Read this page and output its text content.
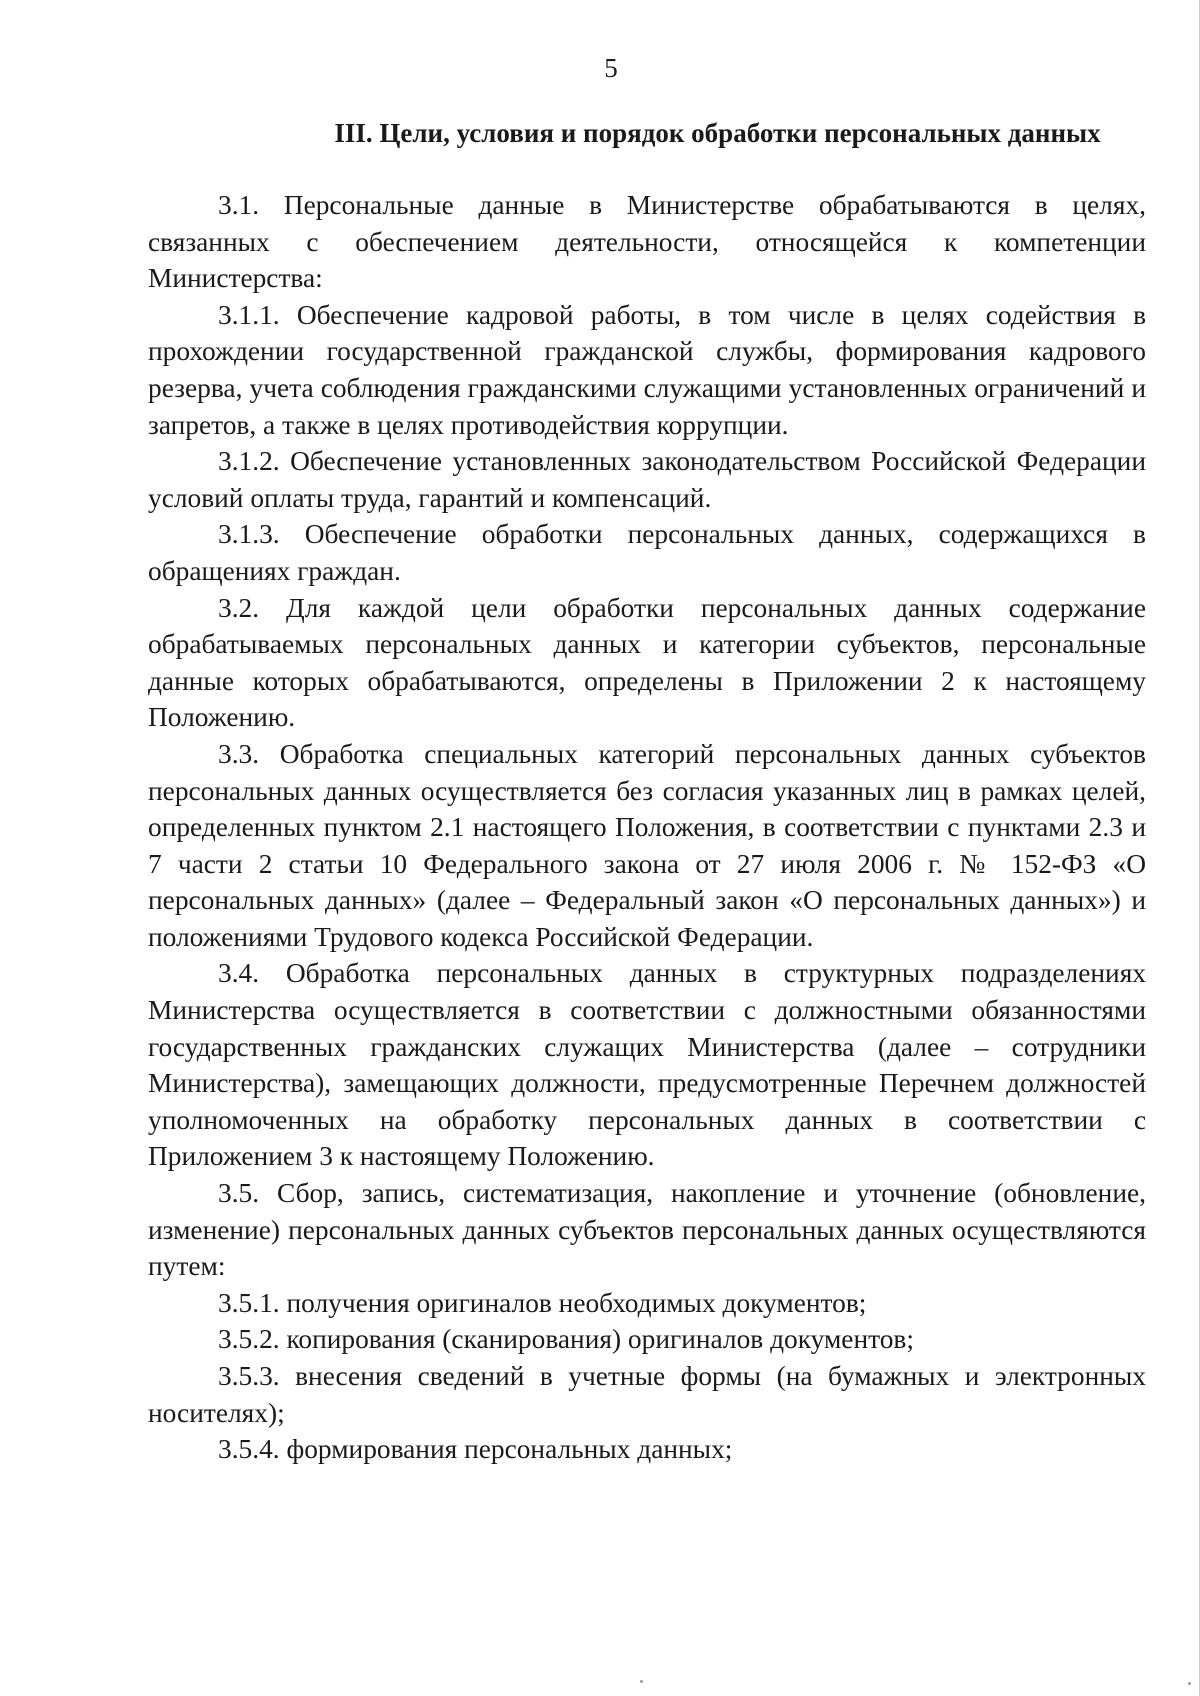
5
III. Цели, условия и порядок обработки персональных данных

3.1. Персональные данные в Министерстве обрабатываются в целях, связанных с обеспечением деятельности, относящейся к компетенции Министерства:

3.1.1. Обеспечение кадровой работы, в том числе в целях содействия в прохождении государственной гражданской службы, формирования кадрового резерва, учета соблюдения гражданскими служащими установленных ограничений и запретов, а также в целях противодействия коррупции.

3.1.2. Обеспечение установленных законодательством Российской Федерации условий оплаты труда, гарантий и компенсаций.

3.1.3. Обеспечение обработки персональных данных, содержащихся в обращениях граждан.

3.2. Для каждой цели обработки персональных данных содержание обрабатываемых персональных данных и категории субъектов, персональные данные которых обрабатываются, определены в Приложении 2 к настоящему Положению.

3.3. Обработка специальных категорий персональных данных субъектов персональных данных осуществляется без согласия указанных лиц в рамках целей, определенных пунктом 2.1 настоящего Положения, в соответствии с пунктами 2.3 и 7 части 2 статьи 10 Федерального закона от 27 июля 2006 г. № 152-ФЗ «О персональных данных» (далее – Федеральный закон «О персональных данных») и положениями Трудового кодекса Российской Федерации.

3.4. Обработка персональных данных в структурных подразделениях Министерства осуществляется в соответствии с должностными обязанностями государственных гражданских служащих Министерства (далее – сотрудники Министерства), замещающих должности, предусмотренные Перечнем должностей уполномоченных на обработку персональных данных в соответствии с Приложением 3 к настоящему Положению.

3.5. Сбор, запись, систематизация, накопление и уточнение (обновление, изменение) персональных данных субъектов персональных данных осуществляются путем:

3.5.1. получения оригиналов необходимых документов;

3.5.2. копирования (сканирования) оригиналов документов;

3.5.3. внесения сведений в учетные формы (на бумажных и электронных носителях);

3.5.4. формирования персональных данных;
